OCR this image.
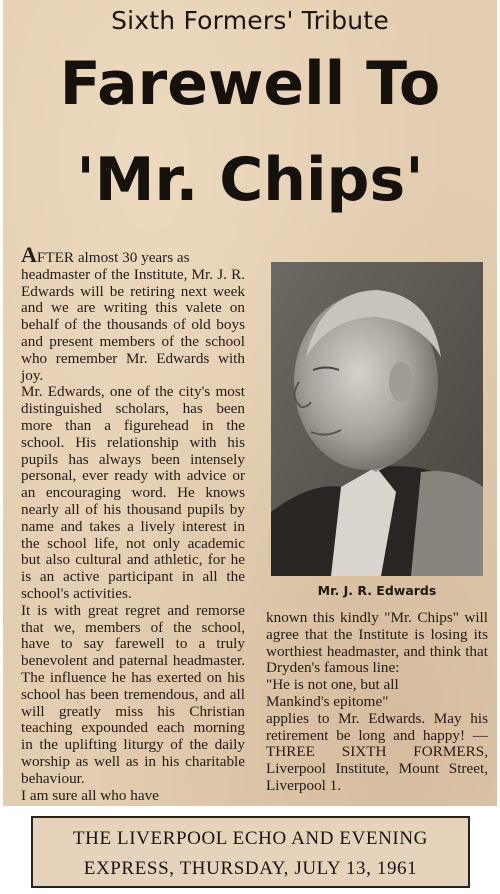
Sixth Formers' Tribute
Farewell To
'Mr. Chips'
AFTER almost 30 years as
headmaster of the Institute, Mr. J. R. Edwards will be retiring next week and we are writing this valete on behalf of the thousands of old boys and present members of the school who remember Mr. Edwards with joy.
Mr. Edwards, one of the city's most distinguished scholars, has been more than a figurehead in the school. His relationship with his pupils has always been intensely personal, ever ready with advice or an encouraging word. He knows nearly all of his thousand pupils by name and takes a lively interest in the school life, not only academic but also cultural and athletic, for he is an active participant in all the school's activities.
It is with great regret and remorse that we, members of the school, have to say farewell to a truly benevolent and paternal headmaster. The influence he has exerted on his school has been tremendous, and all will greatly miss his Christian teaching expounded each morning in the uplifting liturgy of the daily worship as well as in his charitable behaviour.
I am sure all who have
Mr. J. R. Edwards
known this kindly "Mr. Chips" will agree that the Institute is losing its worthiest headmaster, and think that Dryden's famous line:
"He is not one, but all
Mankind's epitome"
applies to Mr. Edwards. May his retirement be long and happy! — THREE SIXTH FORMERS, Liverpool Institute, Mount Street, Liverpool 1.
THE LIVERPOOL ECHO AND EVENING
EXPRESS, THURSDAY, JULY 13, 1961
